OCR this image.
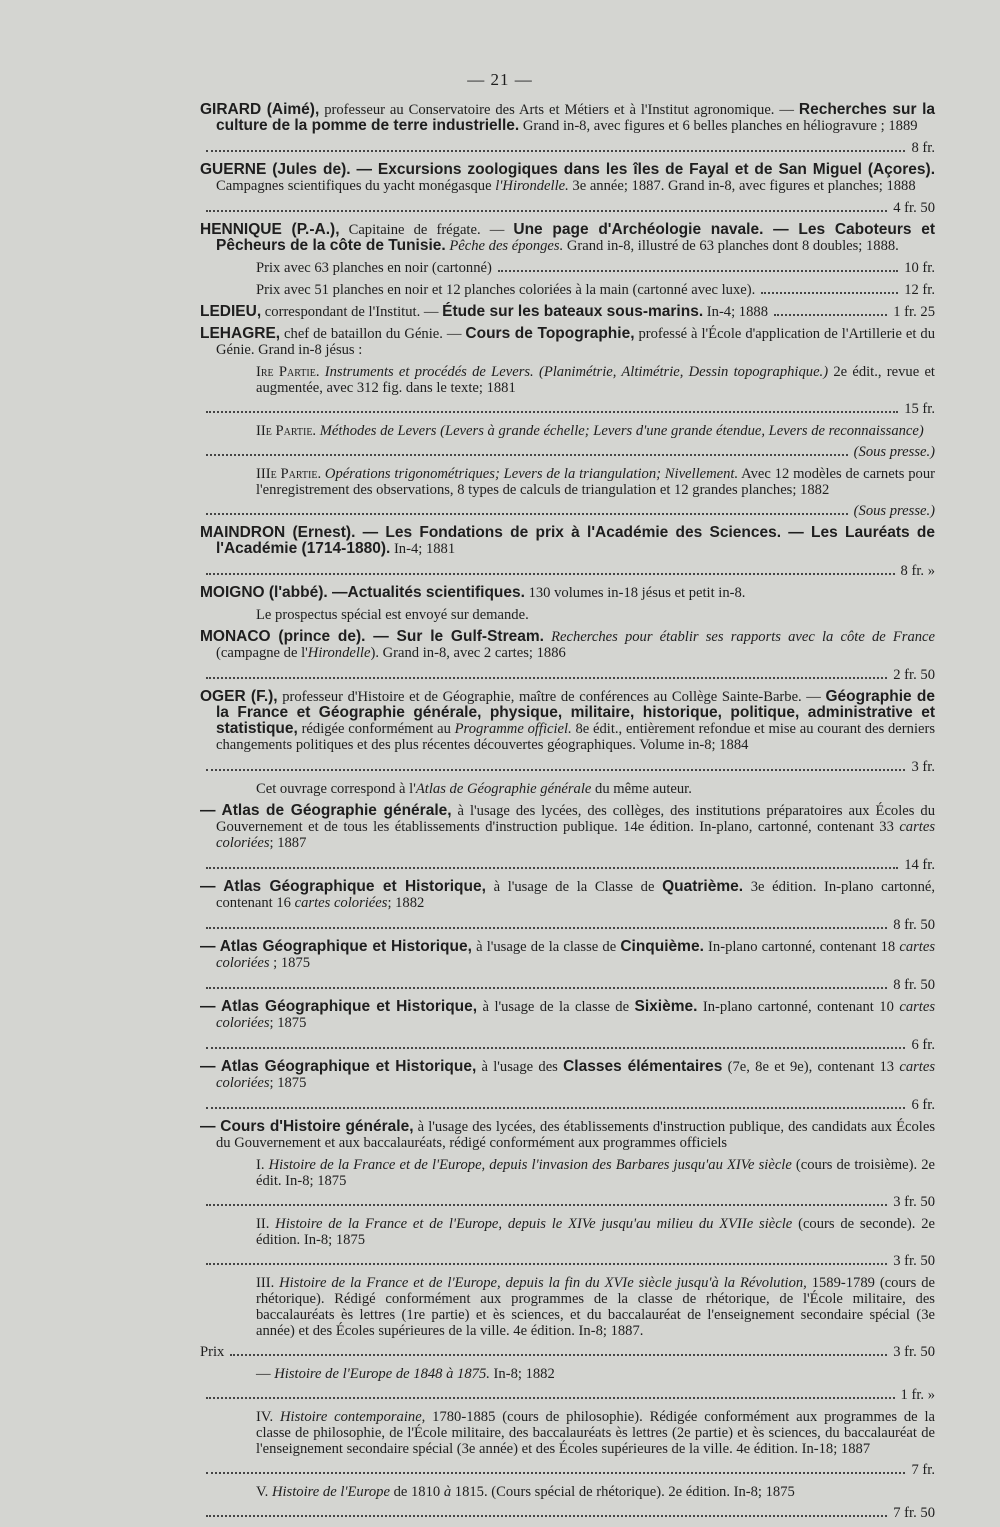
— 21 —
GIRARD (Aimé), professeur au Conservatoire des Arts et Métiers et à l'Institut agronomique. — Recherches sur la culture de la pomme de terre industrielle. Grand in-8, avec figures et 6 belles planches en héliogravure ; 1889
8 fr.
GUERNE (Jules de). — Excursions zoologiques dans les îles de Fayal et de San Miguel (Açores). Campagnes scientifiques du yacht monégasque l'Hirondelle. 3e année; 1887. Grand in-8, avec figures et planches; 1888
4 fr. 50
HENNIQUE (P.-A.), Capitaine de frégate. — Une page d'Archéologie navale. — Les Caboteurs et Pêcheurs de la côte de Tunisie. Pêche des éponges. Grand in-8, illustré de 63 planches dont 8 doubles; 1888.
Prix avec 63 planches en noir (cartonné)	10 fr.
Prix avec 51 planches en noir et 12 planches coloriées à la main (cartonné avec luxe).	12 fr.
LEDIEU, correspondant de l'Institut. — Étude sur les bateaux sous-marins. In-4; 1888	1 fr. 25
LEHAGRE, chef de bataillon du Génie. — Cours de Topographie, professé à l'École d'application de l'Artillerie et du Génie. Grand in-8 jésus :
Ire Partie. Instruments et procédés de Levers. (Planimétrie, Altimétrie, Dessin topographique.) 2e édit., revue et augmentée, avec 312 fig. dans le texte; 1881
15 fr.
IIe Partie. Méthodes de Levers (Levers à grande échelle; Levers d'une grande étendue, Levers de reconnaissance)
(Sous presse.)
IIIe Partie. Opérations trigonométriques; Levers de la triangulation; Nivellement. Avec 12 modèles de carnets pour l'enregistrement des observations, 8 types de calculs de triangulation et 12 grandes planches; 1882
(Sous presse.)
MAINDRON (Ernest). — Les Fondations de prix à l'Académie des Sciences. — Les Lauréats de l'Académie (1714-1880). In-4; 1881
8 fr. »
MOIGNO (l'abbé). —Actualités scientifiques. 130 volumes in-18 jésus et petit in-8.
Le prospectus spécial est envoyé sur demande.
MONACO (prince de). — Sur le Gulf-Stream. Recherches pour établir ses rapports avec la côte de France (campagne de l'Hirondelle). Grand in-8, avec 2 cartes; 1886
2 fr. 50
OGER (F.), professeur d'Histoire et de Géographie, maître de conférences au Collège Sainte-Barbe. — Géographie de la France et Géographie générale, physique, militaire, historique, politique, administrative et statistique, rédigée conformément au Programme officiel. 8e édit., entièrement refondue et mise au courant des derniers changements politiques et des plus récentes découvertes géographiques. Volume in-8; 1884
3 fr.
Cet ouvrage correspond à l'Atlas de Géographie générale du même auteur.
— Atlas de Géographie générale, à l'usage des lycées, des collèges, des institutions préparatoires aux Écoles du Gouvernement et de tous les établissements d'instruction publique. 14e édition. In-plano, cartonné, contenant 33 cartes coloriées; 1887
14 fr.
— Atlas Géographique et Historique, à l'usage de la Classe de Quatrième. 3e édition. In-plano cartonné, contenant 16 cartes coloriées; 1882
8 fr. 50
— Atlas Géographique et Historique, à l'usage de la classe de Cinquième. In-plano cartonné, contenant 18 cartes coloriées ; 1875
8 fr. 50
— Atlas Géographique et Historique, à l'usage de la classe de Sixième. In-plano cartonné, contenant 10 cartes coloriées; 1875
6 fr.
— Atlas Géographique et Historique, à l'usage des Classes élémentaires (7e, 8e et 9e), contenant 13 cartes coloriées; 1875
6 fr.
— Cours d'Histoire générale, à l'usage des lycées, des établissements d'instruction publique, des candidats aux Écoles du Gouvernement et aux baccalauréats, rédigé conformément aux programmes officiels
I. Histoire de la France et de l'Europe, depuis l'invasion des Barbares jusqu'au XIVe siècle (cours de troisième). 2e édit. In-8; 1875
3 fr. 50
II. Histoire de la France et de l'Europe, depuis le XIVe jusqu'au milieu du XVIIe siècle (cours de seconde). 2e édition. In-8; 1875
3 fr. 50
III. Histoire de la France et de l'Europe, depuis la fin du XVIe siècle jusqu'à la Révolution, 1589-1789 (cours de rhétorique). Rédigé conformément aux programmes de la classe de rhétorique, de l'École militaire, des baccalauréats ès lettres (1re partie) et ès sciences, et du baccalauréat de l'enseignement secondaire spécial (3e année) et des Écoles supérieures de la ville. 4e édition. In-8; 1887.
Prix	3 fr. 50
— Histoire de l'Europe de 1848 à 1875. In-8; 1882
1 fr. »
IV. Histoire contemporaine, 1780-1885 (cours de philosophie). Rédigée conformément aux programmes de la classe de philosophie, de l'École militaire, des baccalauréats ès lettres (2e partie) et ès sciences, du baccalauréat de l'enseignement secondaire spécial (3e année) et des Écoles supérieures de la ville. 4e édition. In-18; 1887
7 fr.
V. Histoire de l'Europe de 1810 à 1815. (Cours spécial de rhétorique). 2e édition. In-8; 1875
7 fr. 50
